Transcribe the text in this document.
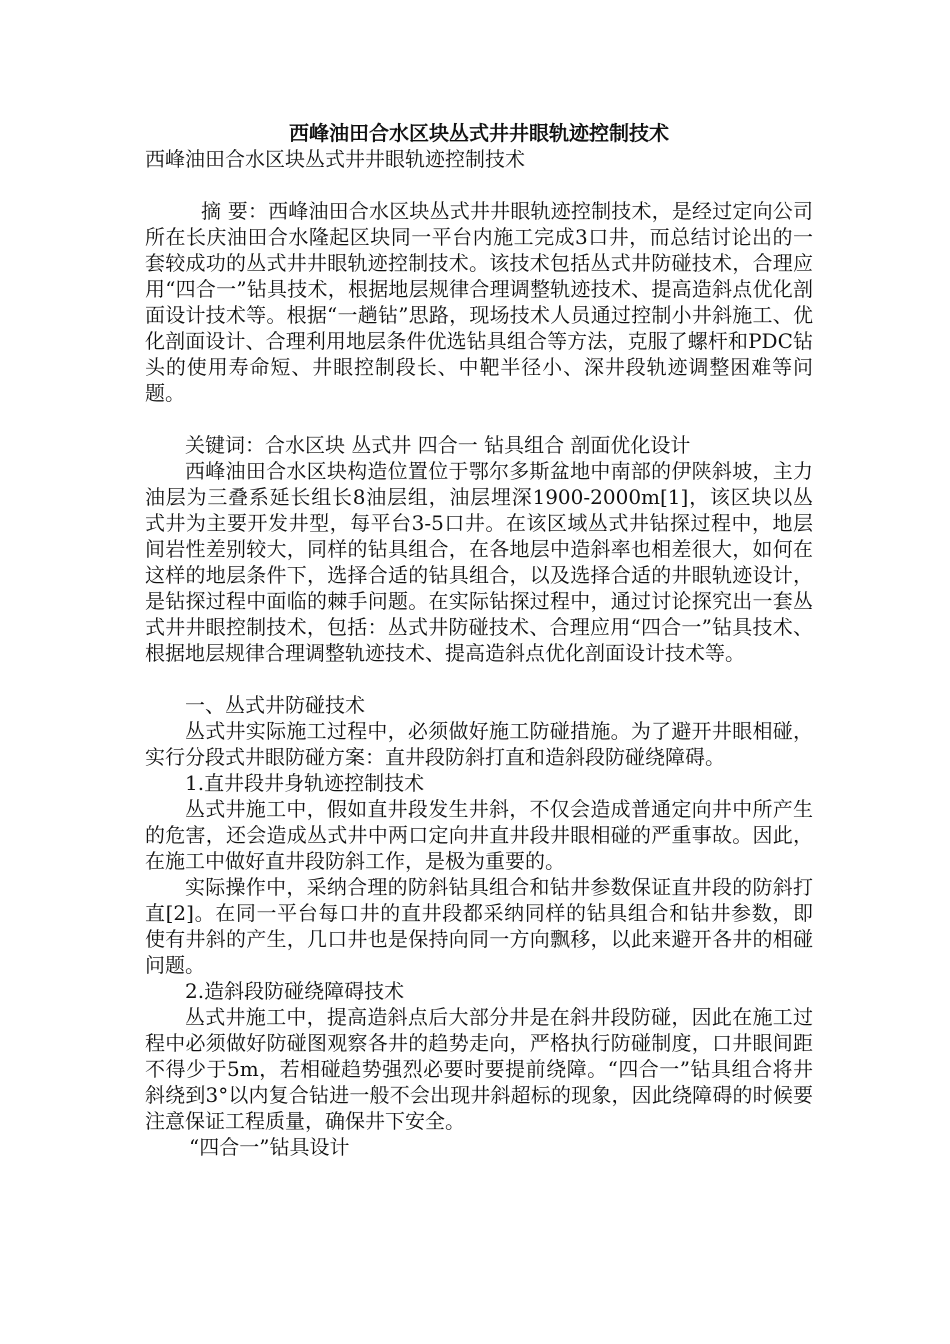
西峰油田合水区块丛式井井眼轨迹控制技术

西峰油田合水区块丛式井井眼轨迹控制技术

摘 要：西峰油田合水区块丛式井井眼轨迹控制技术，是经过定向公司所在长庆油田合水隆起区块同一平台内施工完成3口井，而总结讨论出的一套较成功的丛式井井眼轨迹控制技术。该技术包括丛式井防碰技术，合理应用“四合一”钻具技术，根据地层规律合理调整轨迹技术、提高造斜点优化剖面设计技术等。根据“一趟钻”思路，现场技术人员通过控制小井斜施工、优化剖面设计、合理利用地层条件优选钻具组合等方法，克服了螺杆和PDC钻头的使用寿命短、井眼控制段长、中靶半径小、深井段轨迹调整困难等问题。

关键词：合水区块 丛式井 四合一 钻具组合 剖面优化设计

西峰油田合水区块构造位置位于鄂尔多斯盆地中南部的伊陕斜坡，主力油层为三叠系延长组长8油层组，油层埋深1900-2000m[1]，该区块以丛式井为主要开发井型，每平台3-5口井。在该区域丛式井钻探过程中，地层间岩性差别较大，同样的钻具组合，在各地层中造斜率也相差很大，如何在这样的地层条件下，选择合适的钻具组合，以及选择合适的井眼轨迹设计，是钻探过程中面临的棘手问题。在实际钻探过程中，通过讨论探究出一套丛式井井眼控制技术，包括：丛式井防碰技术、合理应用“四合一”钻具技术、根据地层规律合理调整轨迹技术、提高造斜点优化剖面设计技术等。

一、丛式井防碰技术

丛式井实际施工过程中，必须做好施工防碰措施。为了避开井眼相碰，实行分段式井眼防碰方案：直井段防斜打直和造斜段防碰绕障碍。

1.直井段井身轨迹控制技术

丛式井施工中，假如直井段发生井斜，不仅会造成普通定向井中所产生的危害，还会造成丛式井中两口定向井直井段井眼相碰的严重事故。因此，在施工中做好直井段防斜工作，是极为重要的。

实际操作中，采纳合理的防斜钻具组合和钻井参数保证直井段的防斜打直[2]。在同一平台每口井的直井段都采纳同样的钻具组合和钻井参数，即使有井斜的产生，几口井也是保持向同一方向飘移，以此来避开各井的相碰问题。

2.造斜段防碰绕障碍技术

丛式井施工中，提高造斜点后大部分井是在斜井段防碰，因此在施工过程中必须做好防碰图观察各井的趋势走向，严格执行防碰制度，口井眼间距不得少于5m，若相碰趋势强烈必要时要提前绕障。“四合一”钻具组合将井斜绕到3°以内复合钻进一般不会出现井斜超标的现象，因此绕障碍的时候要注意保证工程质量，确保井下安全。

“四合一”钻具设计
